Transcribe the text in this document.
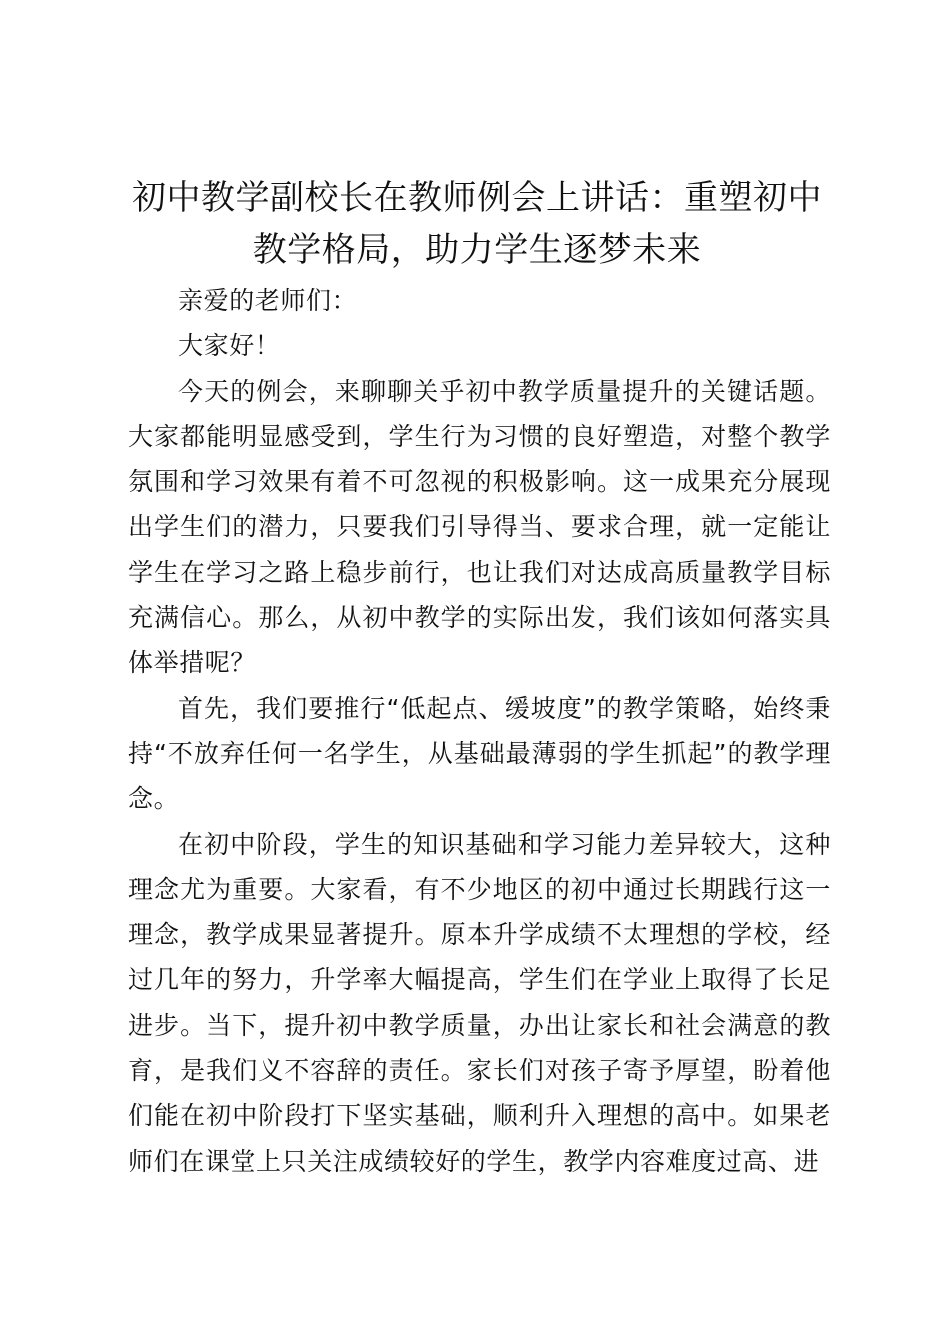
初中教学副校长在教师例会上讲话：重塑初中教学格局，助力学生逐梦未来

亲爱的老师们：

大家好！

今天的例会，来聊聊关乎初中教学质量提升的关键话题。大家都能明显感受到，学生行为习惯的良好塑造，对整个教学氛围和学习效果有着不可忽视的积极影响。这一成果充分展现出学生们的潜力，只要我们引导得当、要求合理，就一定能让学生在学习之路上稳步前行，也让我们对达成高质量教学目标充满信心。那么，从初中教学的实际出发，我们该如何落实具体举措呢？

首先，我们要推行“低起点、缓坡度”的教学策略，始终秉持“不放弃任何一名学生，从基础最薄弱的学生抓起”的教学理念。

在初中阶段，学生的知识基础和学习能力差异较大，这种理念尤为重要。大家看，有不少地区的初中通过长期践行这一理念，教学成果显著提升。原本升学成绩不太理想的学校，经过几年的努力，升学率大幅提高，学生们在学业上取得了长足进步。当下，提升初中教学质量，办出让家长和社会满意的教育，是我们义不容辞的责任。家长们对孩子寄予厚望，盼着他们能在初中阶段打下坚实基础，顺利升入理想的高中。如果老师们在课堂上只关注成绩较好的学生，教学内容难度过高、进
